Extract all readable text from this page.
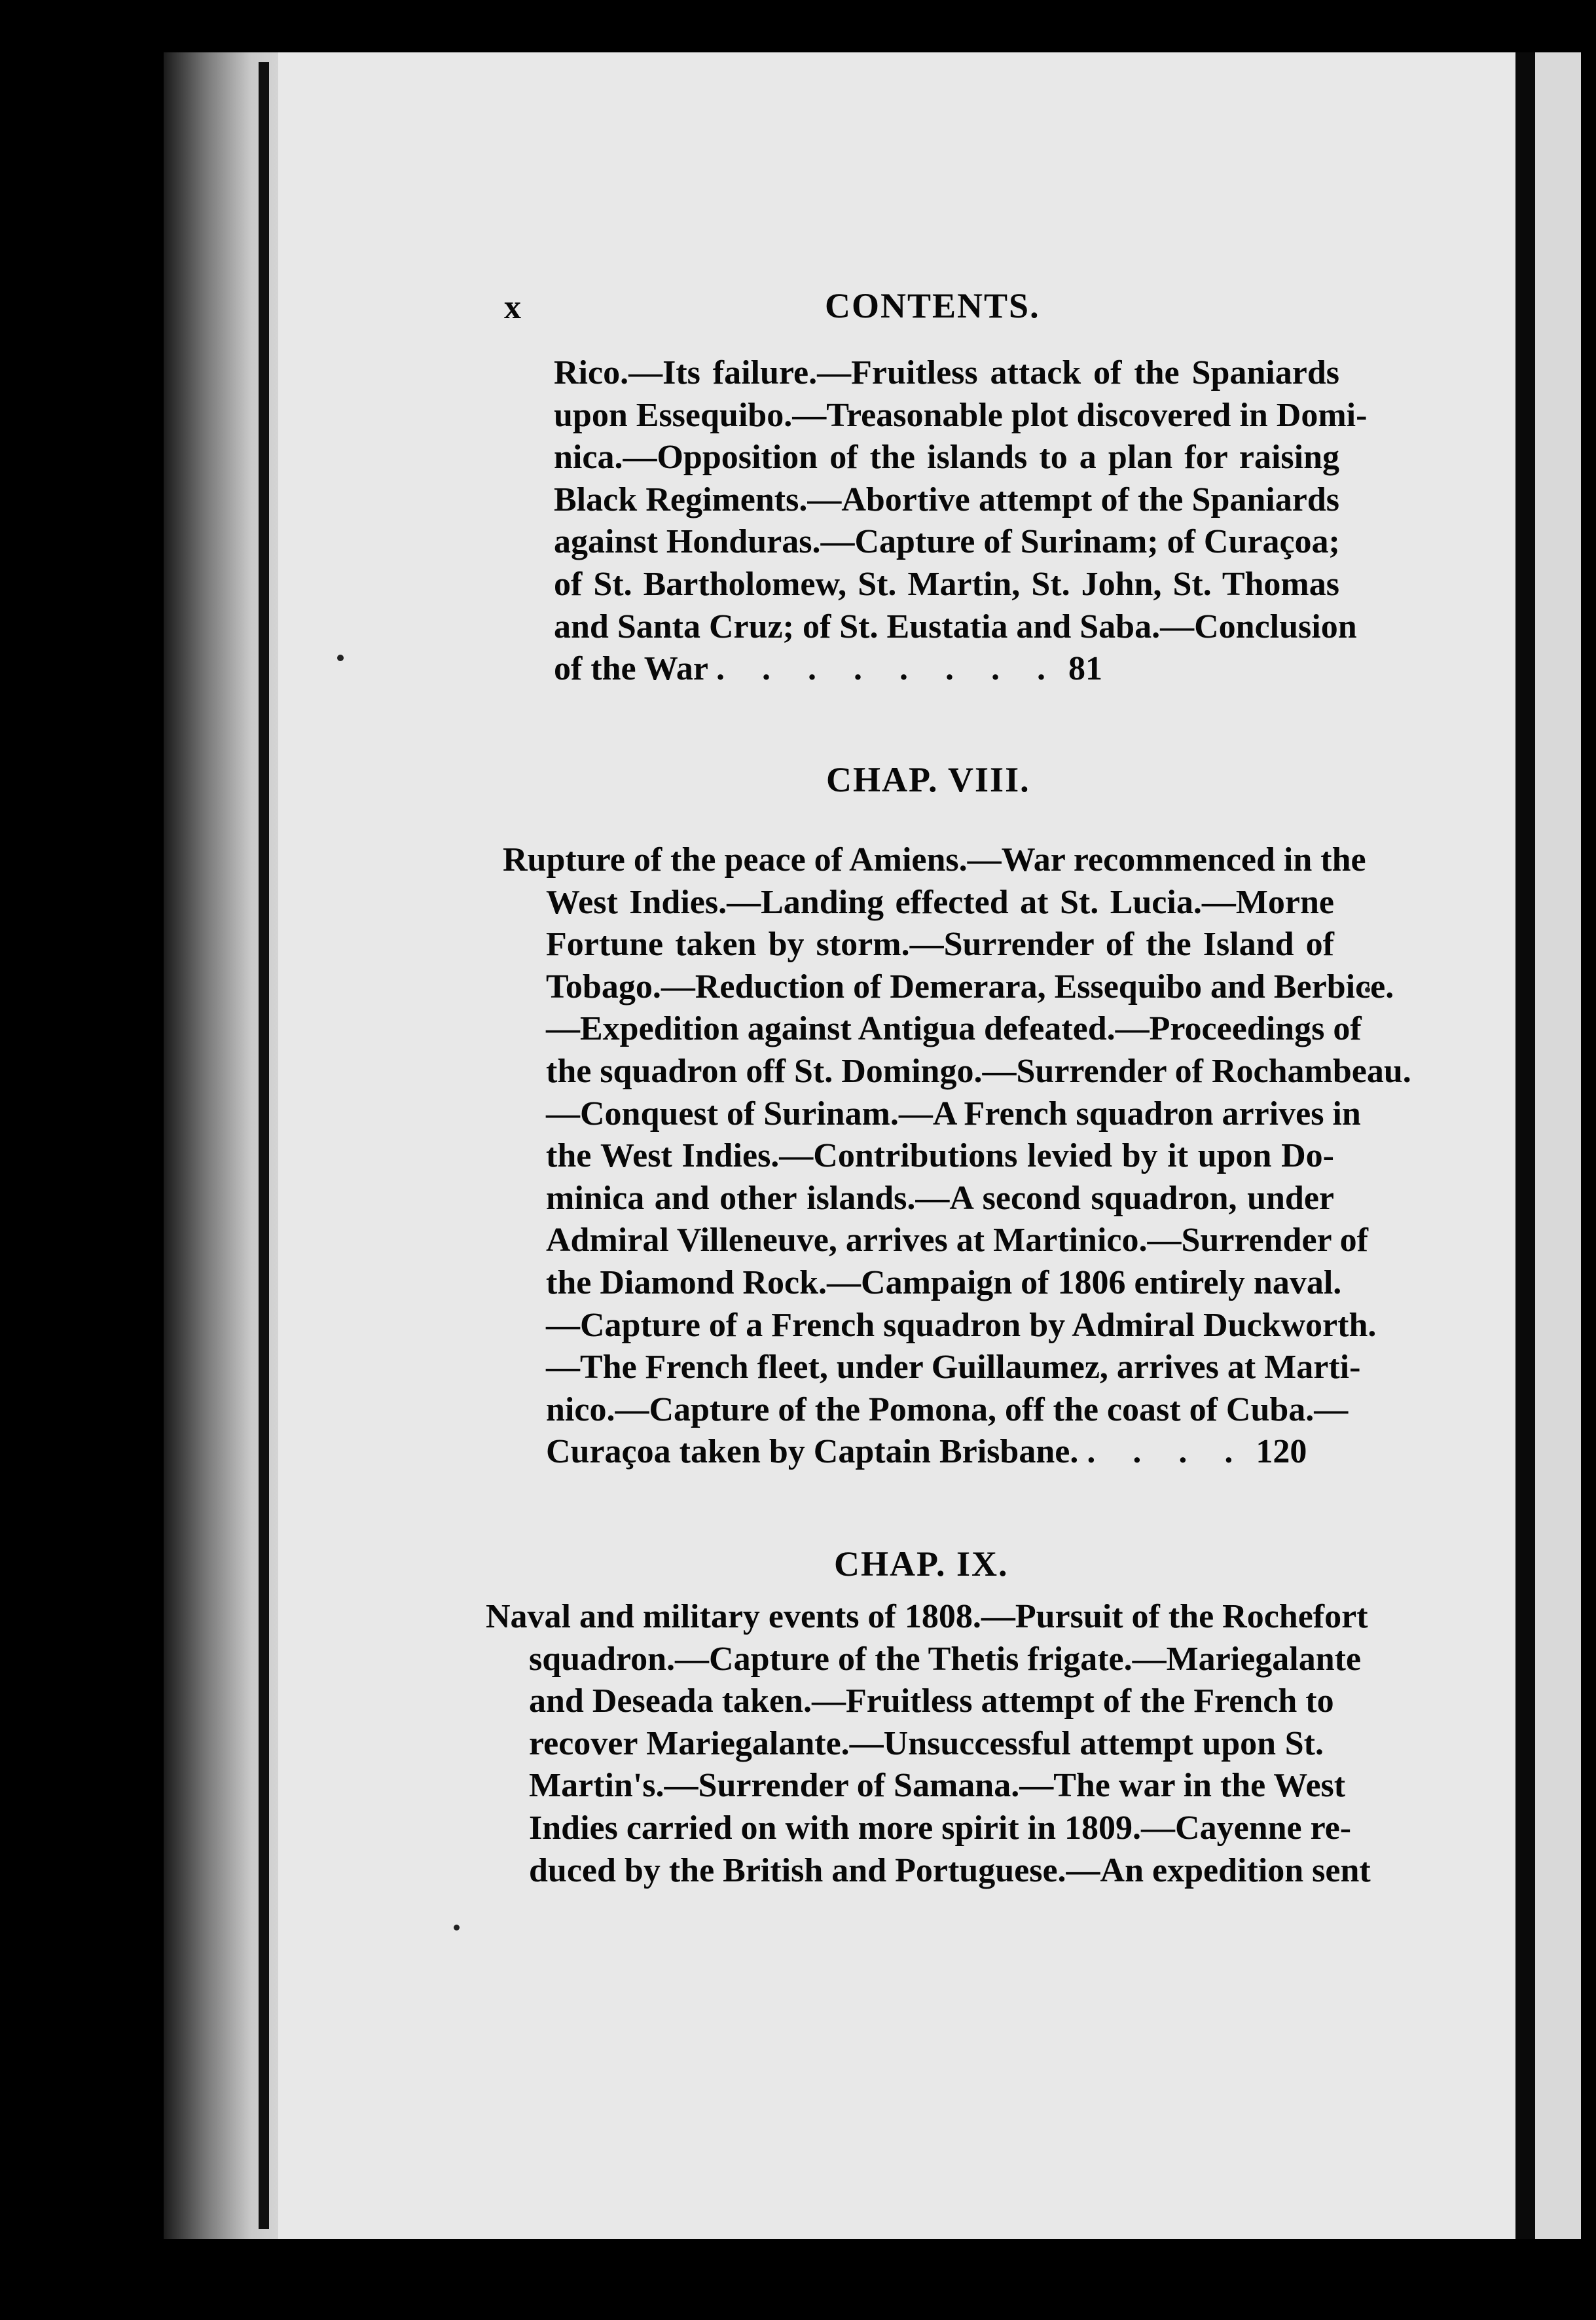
x	CONTENTS.
Rico.—Its failure.—Fruitless attack of the Spaniards
upon Essequibo.—Treasonable plot discovered in Domi-
nica.—Opposition of the islands to a plan for raising
Black Regiments.—Abortive attempt of the Spaniards
against Honduras.—Capture of Surinam; of Curaçoa;
of St. Bartholomew, St. Martin, St. John, St. Thomas
and Santa Cruz; of St. Eustatia and Saba.—Conclusion
of the War . . . . . . . . 81
CHAP. VIII.
Rupture of the peace of Amiens.—War recommenced in the
West Indies.—Landing effected at St. Lucia.—Morne
Fortune taken by storm.—Surrender of the Island of
Tobago.—Reduction of Demerara, Essequibo and Berbice.
—Expedition against Antigua defeated.—Proceedings of
the squadron off St. Domingo.—Surrender of Rochambeau.
—Conquest of Surinam.—A French squadron arrives in
the West Indies.—Contributions levied by it upon Do-
minica and other islands.—A second squadron, under
Admiral Villeneuve, arrives at Martinico.—Surrender of
the Diamond Rock.—Campaign of 1806 entirely naval.
—Capture of a French squadron by Admiral Duckworth.
—The French fleet, under Guillaumez, arrives at Marti-
nico.—Capture of the Pomona, off the coast of Cuba.—
Curaçoa taken by Captain Brisbane. . . . . 120
CHAP. IX.
Naval and military events of 1808.—Pursuit of the Rochefort
squadron.—Capture of the Thetis frigate.—Mariegalante
and Deseada taken.—Fruitless attempt of the French to
recover Mariegalante.—Unsuccessful attempt upon St.
Martin's.—Surrender of Samana.—The war in the West
Indies carried on with more spirit in 1809.—Cayenne re-
duced by the British and Portuguese.—An expedition sent
